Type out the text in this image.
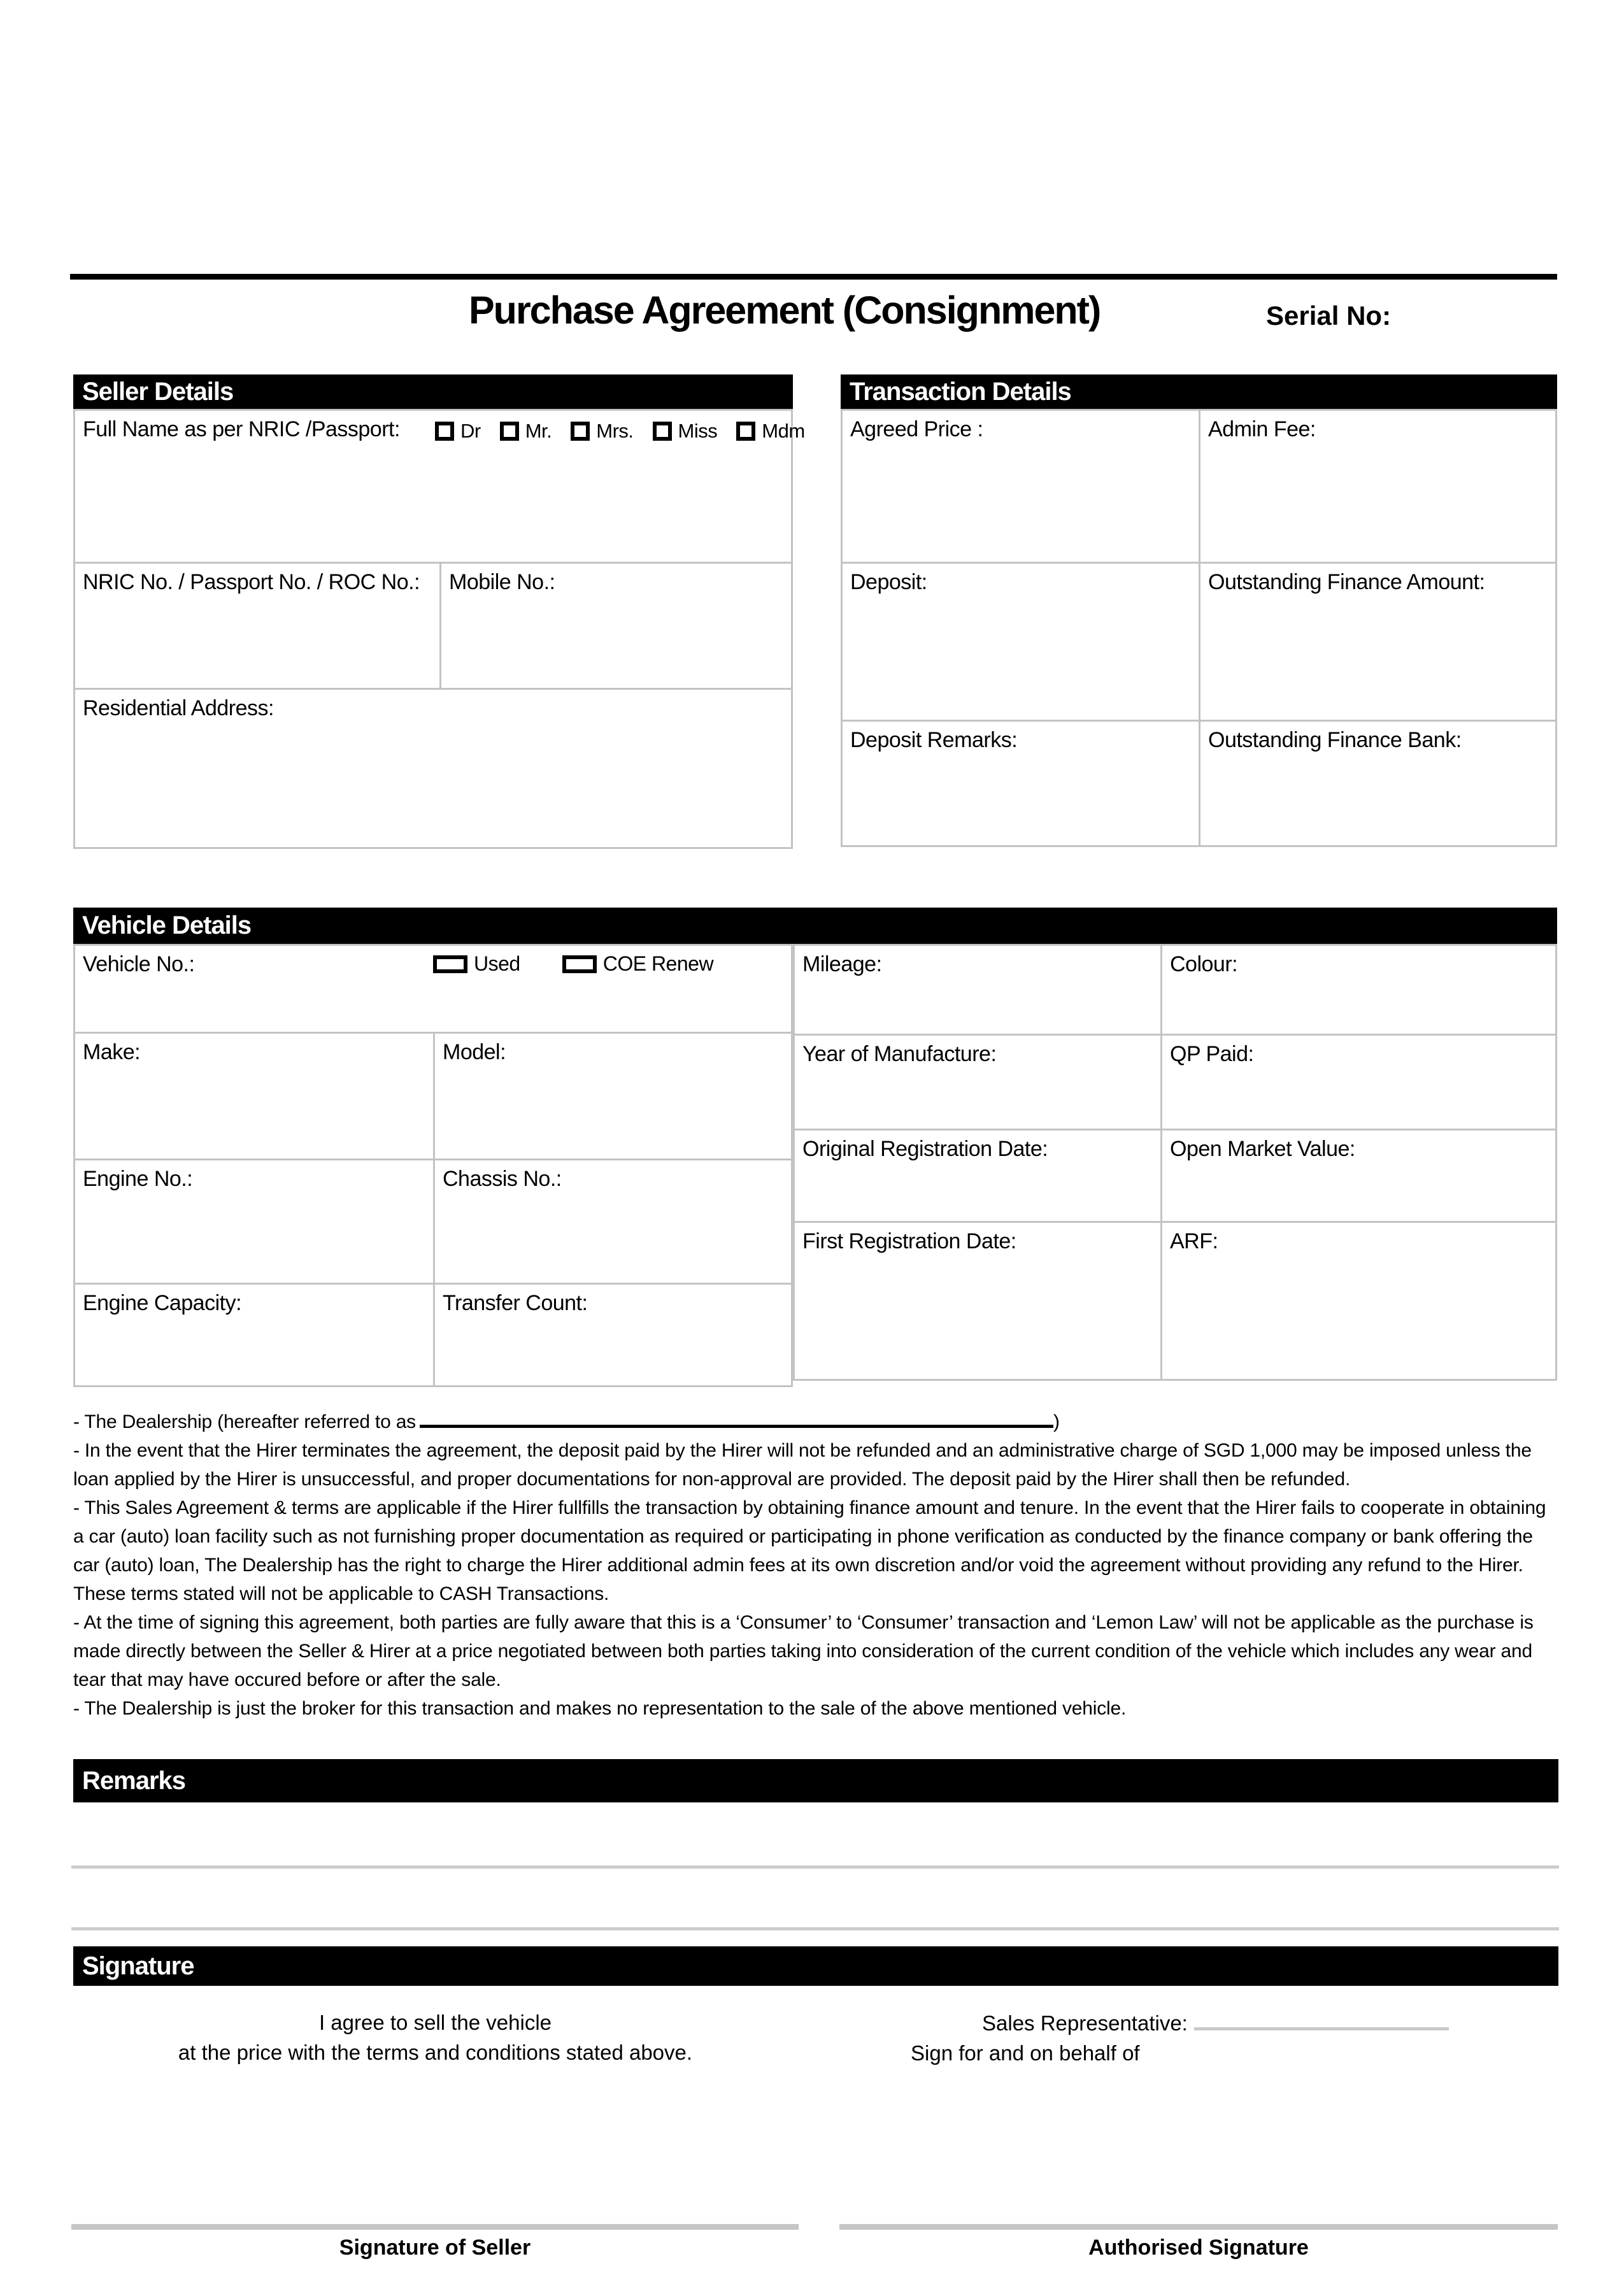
Purchase Agreement (Consignment)	Serial No:
Seller Details
Full Name as per NRIC /Passport:	Dr Mr. Mrs. Miss Mdm
NRIC No. / Passport No. / ROC No.:	Mobile No.:
Residential Address:
Transaction Details
Agreed Price :	Admin Fee:
Deposit:	Outstanding Finance Amount:
Deposit Remarks:	Outstanding Finance Bank:
Vehicle Details
Vehicle No.:	Used	COE Renew
Make:	Model:
Engine No.:	Chassis No.:
Engine Capacity:	Transfer Count:
Mileage:	Colour:
Year of Manufacture:	QP Paid:
Original Registration Date:	Open Market Value:
First Registration Date:	ARF:

- The Dealership (hereafter referred to as	)

- In the event that the Hirer terminates the agreement, the deposit paid by the Hirer will not be refunded and an administrative charge of SGD 1,000 may be imposed unless the loan applied by the Hirer is unsuccessful, and proper documentations for non-approval are provided. The deposit paid by the Hirer shall then be refunded.

- This Sales Agreement & terms are applicable if the Hirer fullfills the transaction by obtaining finance amount and tenure. In the event that the Hirer fails to cooperate in obtaining a car (auto) loan facility such as not furnishing proper documentation as required or participating in phone verification as conducted by the finance company or bank offering the car (auto) loan, The Dealership has the right to charge the Hirer additional admin fees at its own discretion and/or void the agreement without providing any refund to the Hirer. These terms stated will not be applicable to CASH Transactions.

- At the time of signing this agreement, both parties are fully aware that this is a ‘Consumer’ to ‘Consumer’ transaction and ‘Lemon Law’ will not be applicable as the purchase is made directly between the Seller & Hirer at a price negotiated between both parties taking into consideration of the current condition of the vehicle which includes any wear and tear that may have occured before or after the sale.

- The Dealership is just the broker for this transaction and makes no representation to the sale of the above mentioned vehicle.

Remarks
Signature
I agree to sell the vehicle
at the price with the terms and conditions stated above.
Sales Representative:
Sign for and on behalf of
Signature of Seller	Authorised Signature
